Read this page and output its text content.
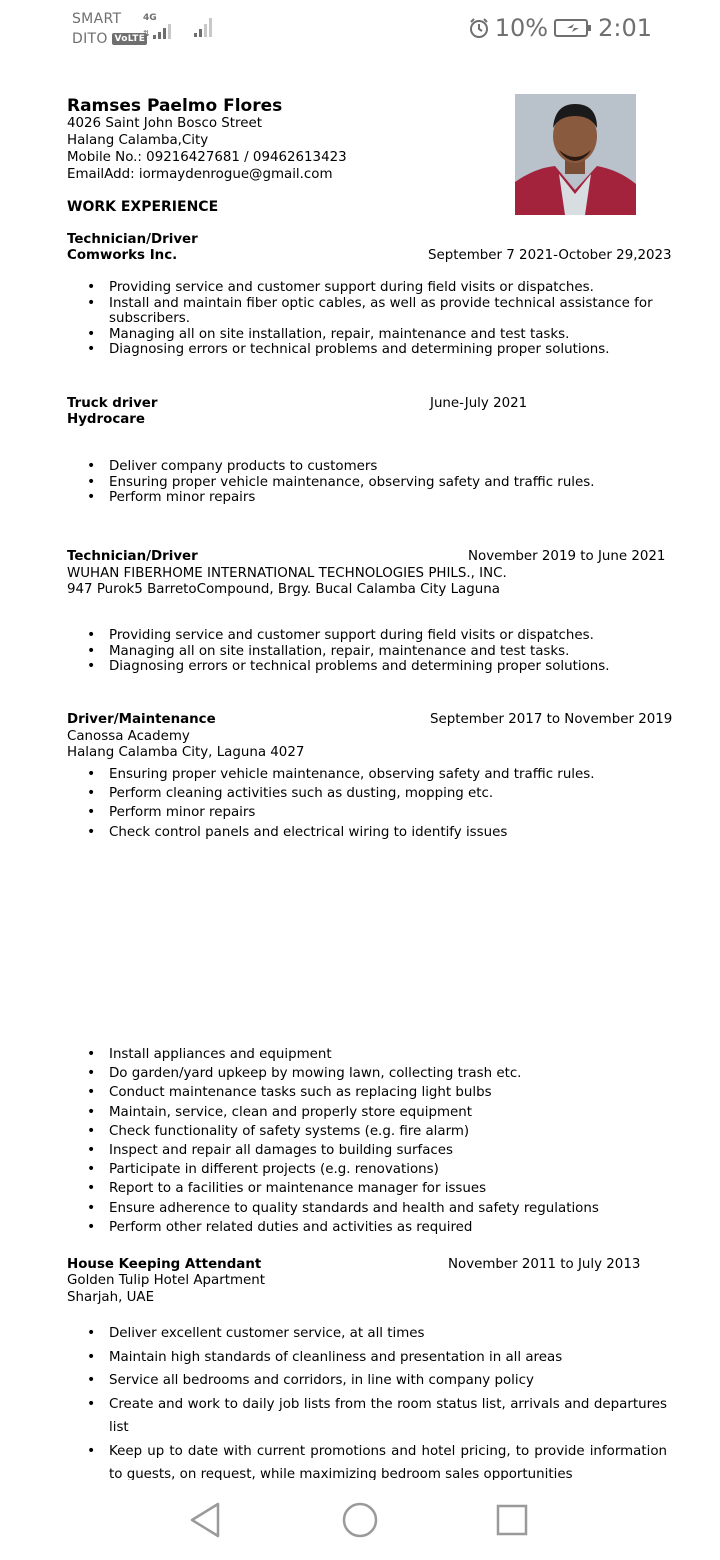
Ramses Paelmo Flores
4026 Saint John Bosco Street
Halang Calamba,City
Mobile No.: 09216427681 / 09462613423
EmailAdd: iormaydenrogue@gmail.com
WORK EXPERIENCE
Technician/Driver
Comworks Inc.	September 7 2021-October 29,2023
• Providing service and customer support during field visits or dispatches.
• Install and maintain fiber optic cables, as well as provide technical assistance for
subscribers.
• Managing all on site installation, repair, maintenance and test tasks.
• Diagnosing errors or technical problems and determining proper solutions.
Truck driver	June-July 2021
Hydrocare
• Deliver company products to customers
• Ensuring proper vehicle maintenance, observing safety and traffic rules.
• Perform minor repairs
Technician/Driver	November 2019 to June 2021
WUHAN FIBERHOME INTERNATIONAL TECHNOLOGIES PHILS., INC.
947 Purok5 BarretoCompound, Brgy. Bucal Calamba City Laguna
• Providing service and customer support during field visits or dispatches.
• Managing all on site installation, repair, maintenance and test tasks.
• Diagnosing errors or technical problems and determining proper solutions.
Driver/Maintenance	September 2017 to November 2019
Canossa Academy
Halang Calamba City, Laguna 4027
• Ensuring proper vehicle maintenance, observing safety and traffic rules.
• Perform cleaning activities such as dusting, mopping etc.
• Perform minor repairs
• Check control panels and electrical wiring to identify issues
• Install appliances and equipment
• Do garden/yard upkeep by mowing lawn, collecting trash etc.
• Conduct maintenance tasks such as replacing light bulbs
• Maintain, service, clean and properly store equipment
• Check functionality of safety systems (e.g. fire alarm)
• Inspect and repair all damages to building surfaces
• Participate in different projects (e.g. renovations)
• Report to a facilities or maintenance manager for issues
• Ensure adherence to quality standards and health and safety regulations
• Perform other related duties and activities as required
House Keeping Attendant	November 2011 to July 2013
Golden Tulip Hotel Apartment
Sharjah, UAE
• Deliver excellent customer service, at all times
• Maintain high standards of cleanliness and presentation in all areas
• Service all bedrooms and corridors, in line with company policy
• Create and work to daily job lists from the room status list, arrivals and departures list
• Keep up to date with current promotions and hotel pricing, to provide information to guests, on request, while maximizing bedroom sales opportunities
SMART
DITO VoLTE
4G
⇅	10% 2:01
